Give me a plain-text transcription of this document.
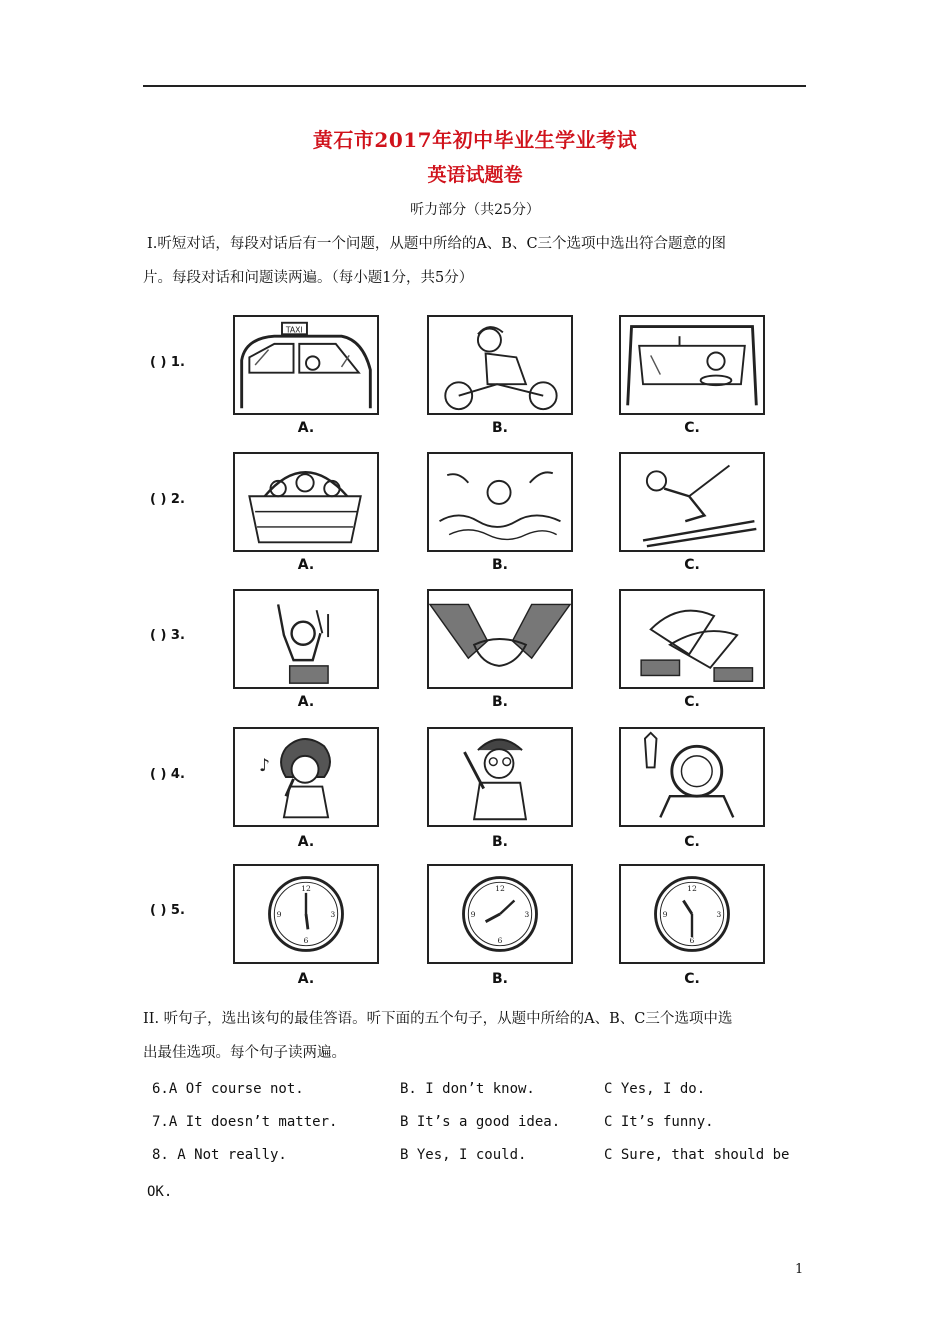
黄石市2017年初中毕业生学业考试
英语试题卷
听力部分（共25分）
Ⅰ.听短对话，每段对话后有一个问题，从题中所给的A、B、C三个选项中选出符合题意的图
片。每段对话和问题读两遍。（每小题1分，共5分）
( ) 1.
TAXI
A.	B.	C.
( ) 2.
A.	B.	C.
( ) 3.
A.	B.	C.
( ) 4.	♪
A.	B.	C.
( ) 5.
12
3
6
9
12
3
6
9
12
3
6
9
A.	B.	C.
II. 听句子，选出该句的最佳答语。听下面的五个句子，从题中所给的A、B、C三个选项中选
出最佳选项。每个句子读两遍。
6.A Of course not.	B. I don’t know.	C Yes, I do.
7.A It doesn’t matter.	B It’s a good idea.	C It’s funny.
8. A Not really.	B Yes, I could.	C Sure, that should be
OK.
1
